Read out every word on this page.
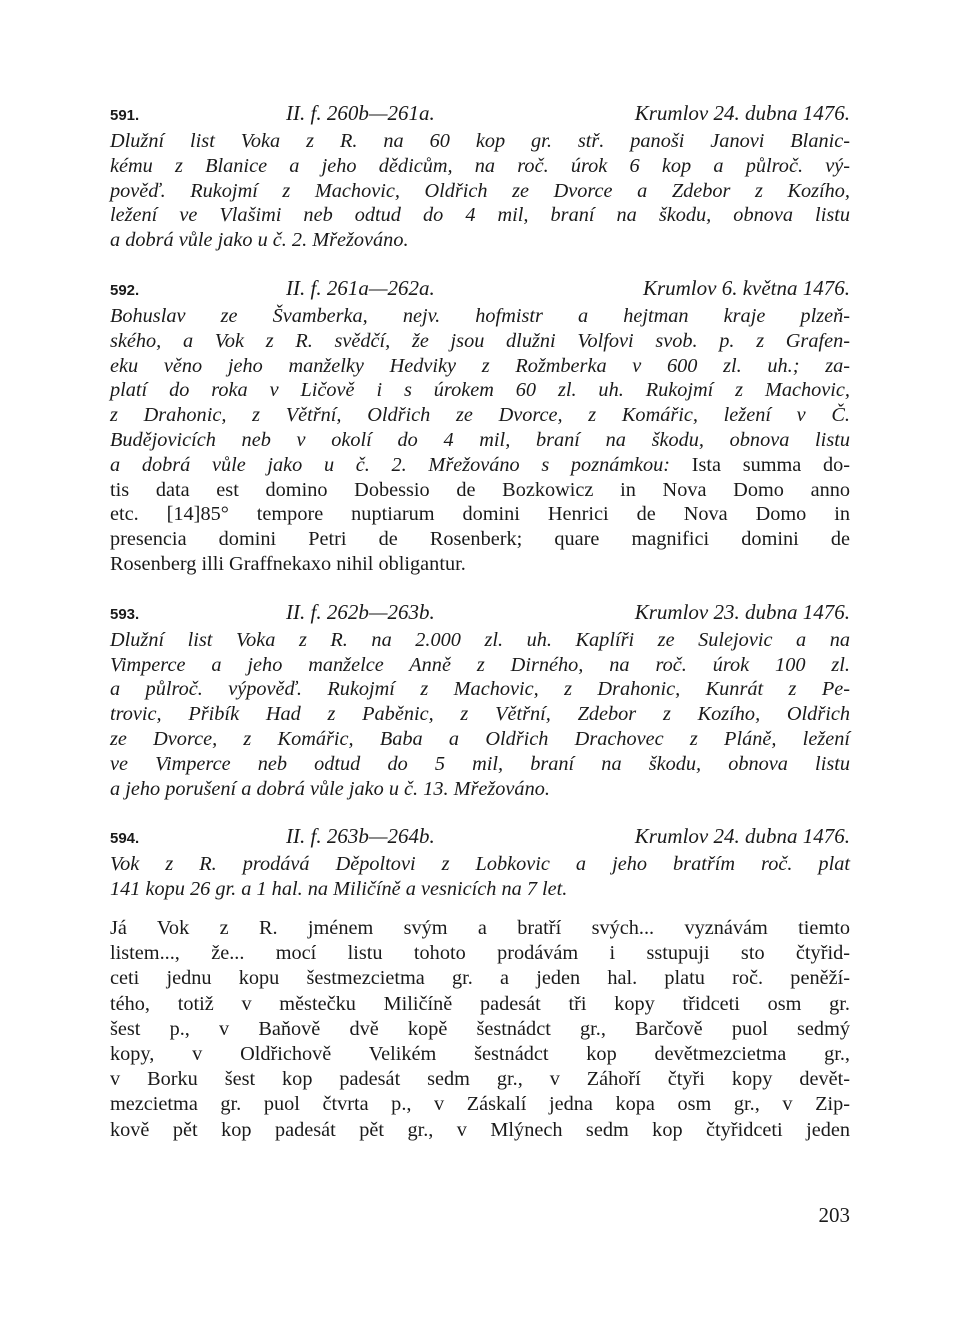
591.	II. f. 260b—261a.	Krumlov 24. dubna 1476.
Dlužní list Voka z R. na 60 kop gr. stř. panoši Janovi Blanic-
kému z Blanice a jeho dědicům, na roč. úrok 6 kop a půlroč. vý-
pověď. Rukojmí z Machovic, Oldřich ze Dvorce a Zdebor z Kozího,
ležení ve Vlašimi neb odtud do 4 mil, braní na škodu, obnova listu
a dobrá vůle jako u č. 2. Mřežováno.
592.	II. f. 261a—262a.	Krumlov 6. května 1476.
Bohuslav ze Švamberka, nejv. hofmistr a hejtman kraje plzeň-
ského, a Vok z R. svědčí, že jsou dlužni Volfovi svob. p. z Grafen-
eku věno jeho manželky Hedviky z Rožmberka v 600 zl. uh.; za-
platí do roka v Ličově i s úrokem 60 zl. uh. Rukojmí z Machovic,
z Drahonic, z Větřní, Oldřich ze Dvorce, z Komářic, ležení v Č.
Budějovicích neb v okolí do 4 mil, braní na škodu, obnova listu
a dobrá vůle jako u č. 2. Mřežováno s poznámkou: Ista summa do-
tis data est domino Dobessio de Bozkowicz in Nova Domo anno
etc. [14]85° tempore nuptiarum domini Henrici de Nova Domo in
presencia domini Petri de Rosenberk; quare magnifici domini de
Rosenberg illi Graffnekaxo nihil obligantur.
593.	II. f. 262b—263b.	Krumlov 23. dubna 1476.
Dlužní list Voka z R. na 2.000 zl. uh. Kaplíři ze Sulejovic a na
Vimperce a jeho manželce Anně z Dirného, na roč. úrok 100 zl.
a půlroč. výpověď. Rukojmí z Machovic, z Drahonic, Kunrát z Pe-
trovic, Přibík Had z Paběnic, z Větřní, Zdebor z Kozího, Oldřich
ze Dvorce, z Komářic, Baba a Oldřich Drachovec z Pláně, ležení
ve Vimperce neb odtud do 5 mil, braní na škodu, obnova listu
a jeho porušení a dobrá vůle jako u č. 13. Mřežováno.
594.	II. f. 263b—264b.	Krumlov 24. dubna 1476.
Vok z R. prodává Děpoltovi z Lobkovic a jeho bratřím roč. plat
141 kopu 26 gr. a 1 hal. na Miličíně a vesnicích na 7 let.
Já Vok z R. jménem svým a bratří svých... vyznávám tiemto
listem..., že... mocí listu tohoto prodávám i sstupuji sto čtyřid-
ceti jednu kopu šestmezcietma gr. a jeden hal. platu roč. peněží-
tého, totiž v městečku Miličíně padesát tři kopy třidceti osm gr.
šest p., v Baňově dvě kopě šestnádct gr., Barčově puol sedmý
kopy, v Oldřichově Velikém šestnádct kop devětmezcietma gr.,
v Borku šest kop padesát sedm gr., v Záhoří čtyři kopy devět-
mezcietma gr. puol čtvrta p., v Záskalí jedna kopa osm gr., v Zip-
kově pět kop padesát pět gr., v Mlýnech sedm kop čtyřidceti jeden
203
